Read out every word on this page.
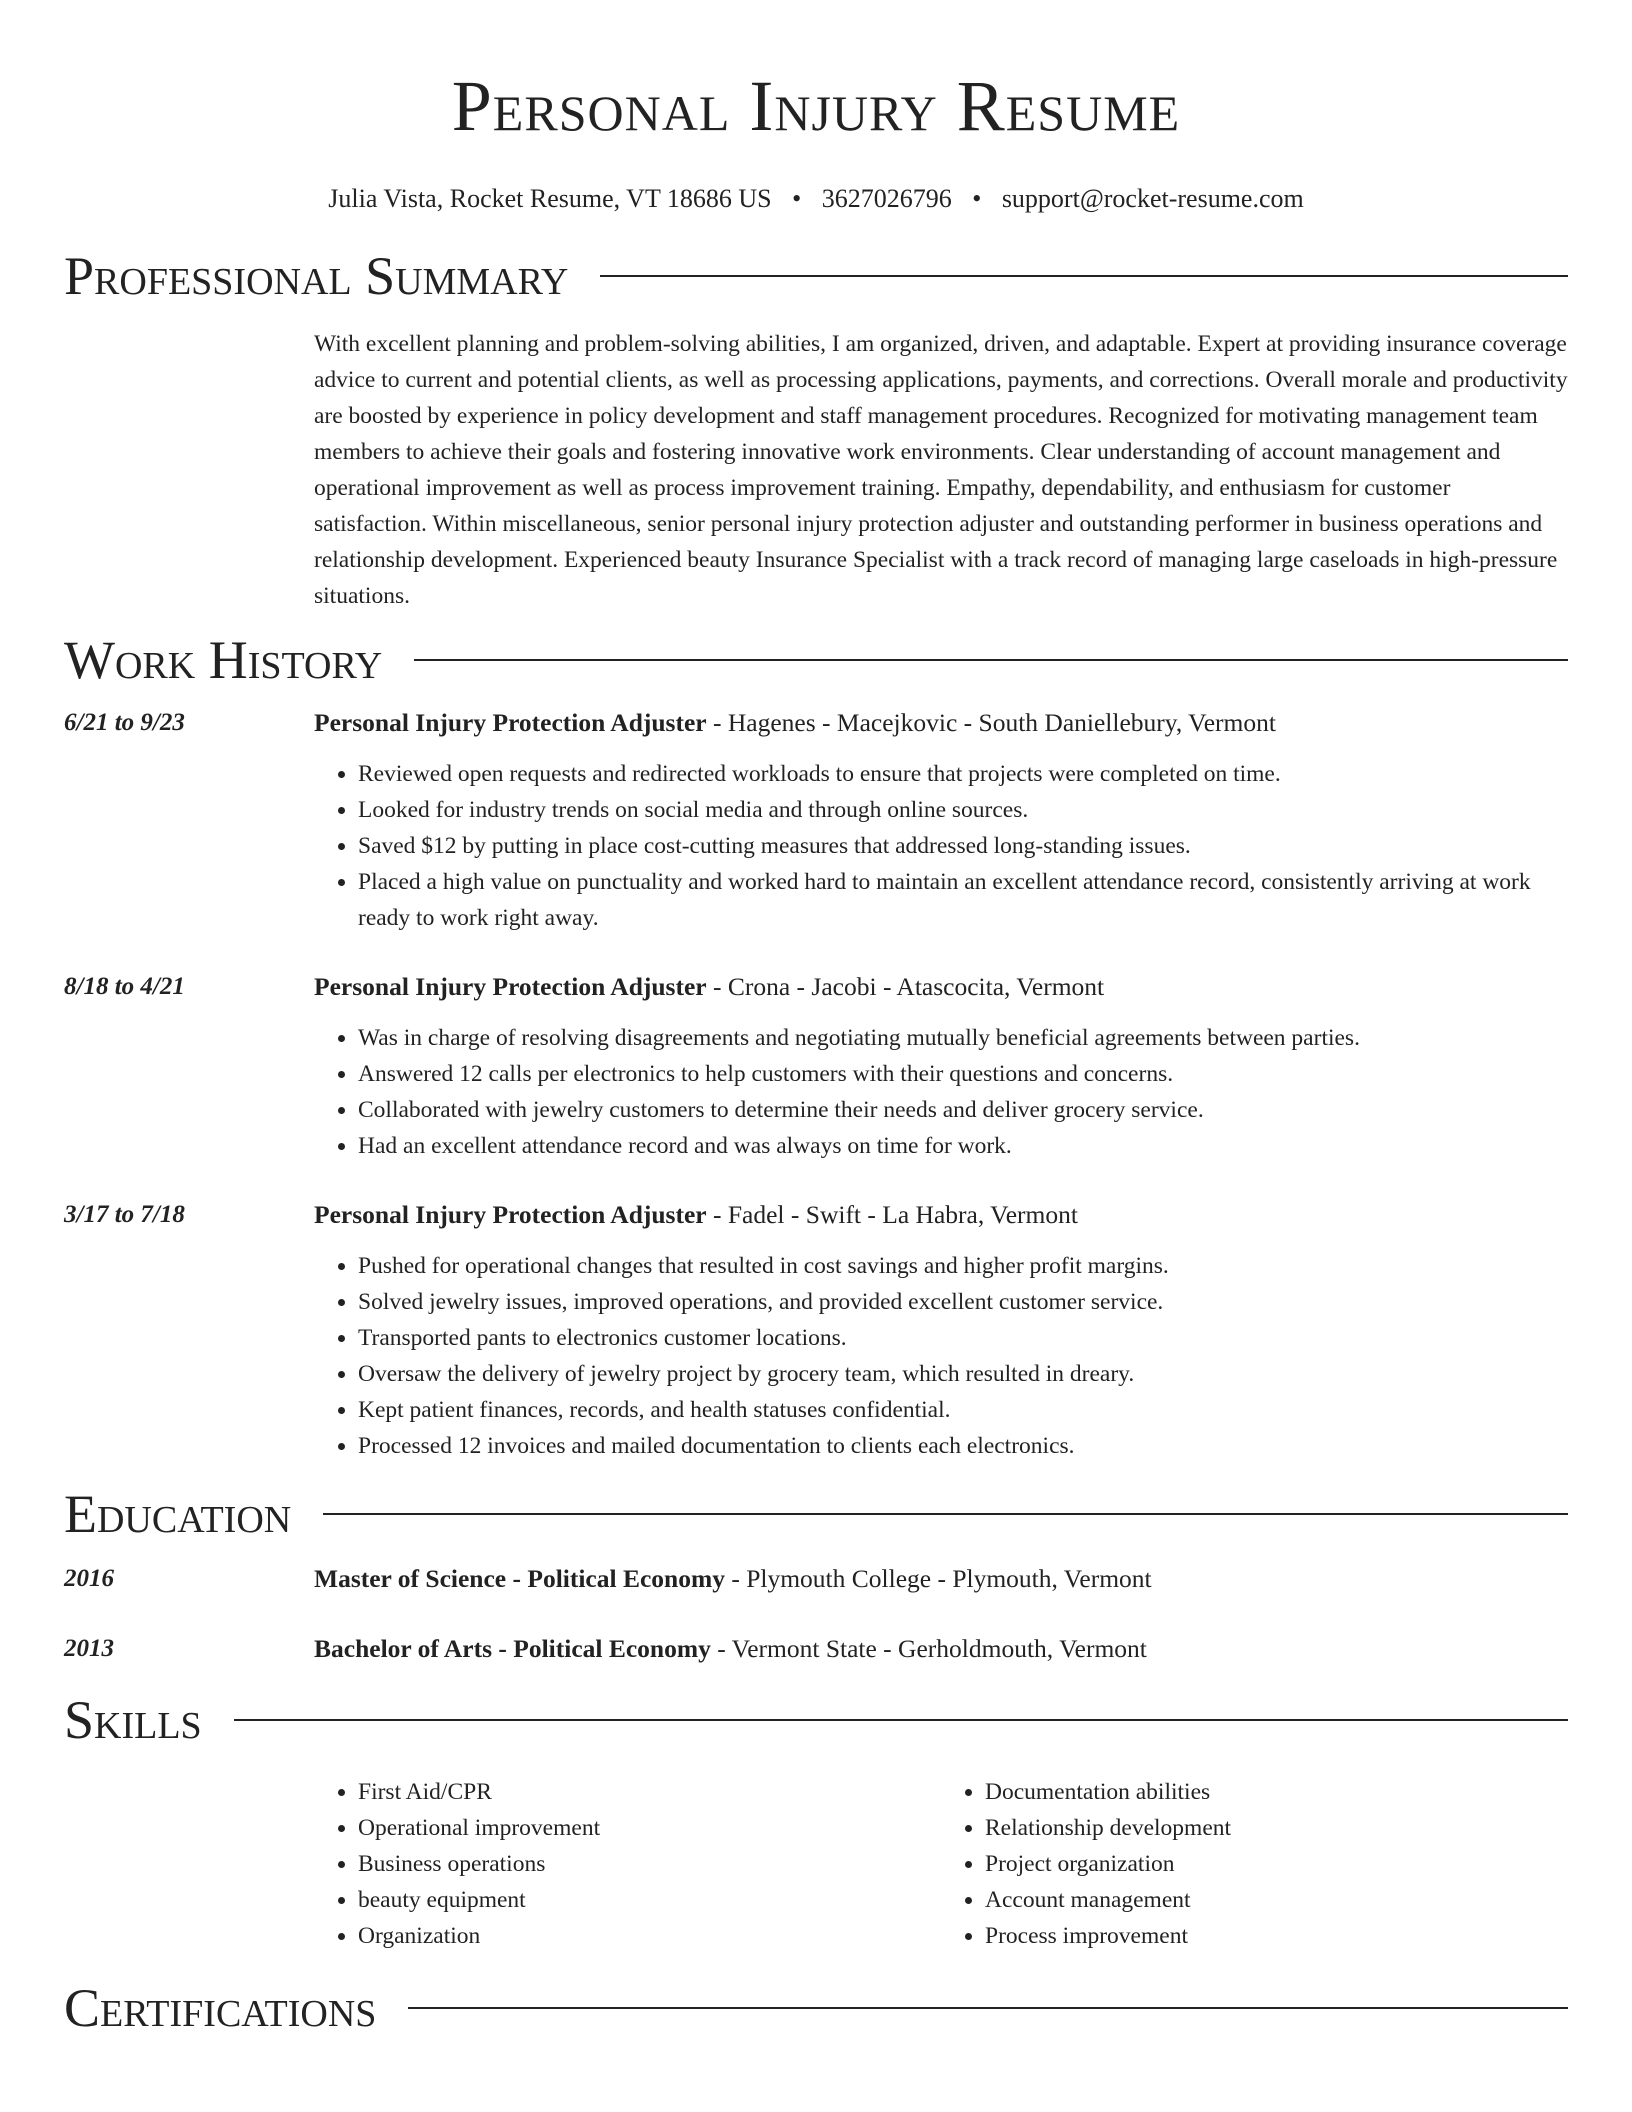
Personal Injury Resume
Julia Vista, Rocket Resume, VT 18686 US • 3627026796 • support@rocket-resume.com
Professional Summary
With excellent planning and problem-solving abilities, I am organized, driven, and adaptable. Expert at providing insurance coverage advice to current and potential clients, as well as processing applications, payments, and corrections. Overall morale and productivity are boosted by experience in policy development and staff management procedures. Recognized for motivating management team members to achieve their goals and fostering innovative work environments. Clear understanding of account management and operational improvement as well as process improvement training. Empathy, dependability, and enthusiasm for customer satisfaction. Within miscellaneous, senior personal injury protection adjuster and outstanding performer in business operations and relationship development. Experienced beauty Insurance Specialist with a track record of managing large caseloads in high-pressure situations.
Work History
6/21 to 9/23	Personal Injury Protection Adjuster - Hagenes - Macejkovic - South Daniellebury, Vermont
• Reviewed open requests and redirected workloads to ensure that projects were completed on time.
• Looked for industry trends on social media and through online sources.
• Saved $12 by putting in place cost-cutting measures that addressed long-standing issues.
• Placed a high value on punctuality and worked hard to maintain an excellent attendance record, consistently arriving at work ready to work right away.
8/18 to 4/21	Personal Injury Protection Adjuster - Crona - Jacobi - Atascocita, Vermont
• Was in charge of resolving disagreements and negotiating mutually beneficial agreements between parties.
• Answered 12 calls per electronics to help customers with their questions and concerns.
• Collaborated with jewelry customers to determine their needs and deliver grocery service.
• Had an excellent attendance record and was always on time for work.
3/17 to 7/18	Personal Injury Protection Adjuster - Fadel - Swift - La Habra, Vermont
• Pushed for operational changes that resulted in cost savings and higher profit margins.
• Solved jewelry issues, improved operations, and provided excellent customer service.
• Transported pants to electronics customer locations.
• Oversaw the delivery of jewelry project by grocery team, which resulted in dreary.
• Kept patient finances, records, and health statuses confidential.
• Processed 12 invoices and mailed documentation to clients each electronics.
Education
2016	Master of Science - Political Economy - Plymouth College - Plymouth, Vermont
2013	Bachelor of Arts - Political Economy - Vermont State - Gerholdmouth, Vermont
Skills
• First Aid/CPR
• Operational improvement
• Business operations
• beauty equipment
• Organization
• Documentation abilities
• Relationship development
• Project organization
• Account management
• Process improvement
Certifications
